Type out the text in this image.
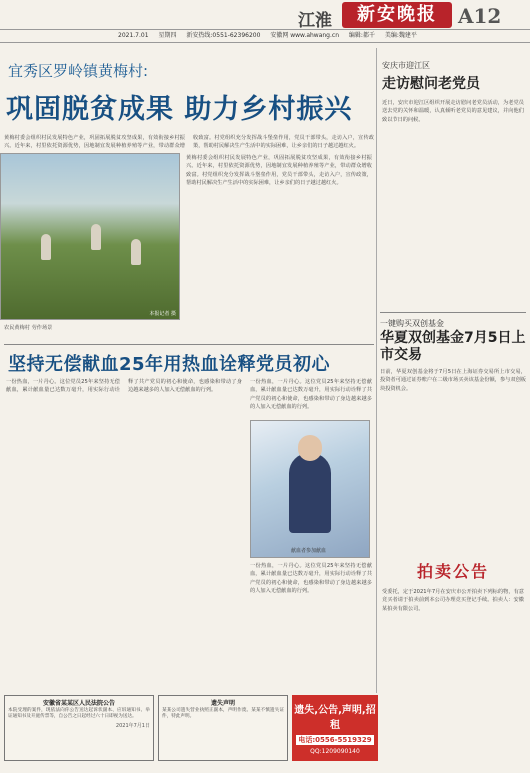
江淮	新安晚报	A12
2021.7.01 星期四 新安热线:0551-62396200 安徽网 www.ahwang.cn 编辑:都千 美编:魏建平
宜秀区罗岭镇黄梅村:
巩固脱贫成果 助力乡村振兴
黄梅村委会组织村民发展特色产业，巩固拓展脱贫攻坚成果，有效衔接乡村振兴。近年来，村里依托资源优势，因地制宜发展种植养殖等产业，带动群众增收致富。村党组织充分发挥战斗堡垒作用，党员干部带头，走访入户，宣传政策，帮助村民解决生产生活中的实际困难，让乡亲们的日子越过越红火。
本报记者 摄
农民黄梅村 劳作场景
黄梅村委会组织村民发展特色产业，巩固拓展脱贫攻坚成果，有效衔接乡村振兴。近年来，村里依托资源优势，因地制宜发展种植养殖等产业，带动群众增收致富。村党组织充分发挥战斗堡垒作用，党员干部带头，走访入户，宣传政策，帮助村民解决生产生活中的实际困难，让乡亲们的日子越过越红火。
坚持无偿献血25年用热血诠释党员初心
一份热血，一片丹心。这位党员25年来坚持无偿献血，累计献血量已达数万毫升，用实际行动诠释了共产党员的初心和使命，也感染和带动了身边越来越多的人加入无偿献血的行列。
一份热血，一片丹心。这位党员25年来坚持无偿献血，累计献血量已达数万毫升，用实际行动诠释了共产党员的初心和使命，也感染和带动了身边越来越多的人加入无偿献血的行列。
献血者参加献血
一份热血，一片丹心。这位党员25年来坚持无偿献血，累计献血量已达数万毫升，用实际行动诠释了共产党员的初心和使命，也感染和带动了身边越来越多的人加入无偿献血的行列。
安庆市迎江区
走访慰问老党员
近日，安庆市迎江区组织开展走访慰问老党员活动，为老党员送去党的关怀和温暖，认真倾听老党员的意见建议，并向他们致以节日的问候。
一键购买双创基金
华夏双创基金7月5日上市交易
日前，华夏双创基金将于7月5日在上海证券交易所上市交易，投资者可通过证券账户在二级市场买卖该基金份额，参与双创板块投资机会。
拍卖公告
受委托，定于2021年7月在安庆市公开拍卖下列标的物，有意竞买者请于拍卖前到本公司办理竞买登记手续。拍卖人：安徽某拍卖有限公司。
安徽省某某区人民法院公告
本院受理的案件，现依法向你公告送达起诉状副本、应诉通知书、举证通知书及开庭传票等，自公告之日起经过六十日即视为送达。
2021年7月1日
遗失声明
某某公司遗失营业执照正副本，声明作废。某某不慎遗失证件，特此声明。
遗失,公告,声明,招租
电话:0556-5519329
QQ:1209090140
